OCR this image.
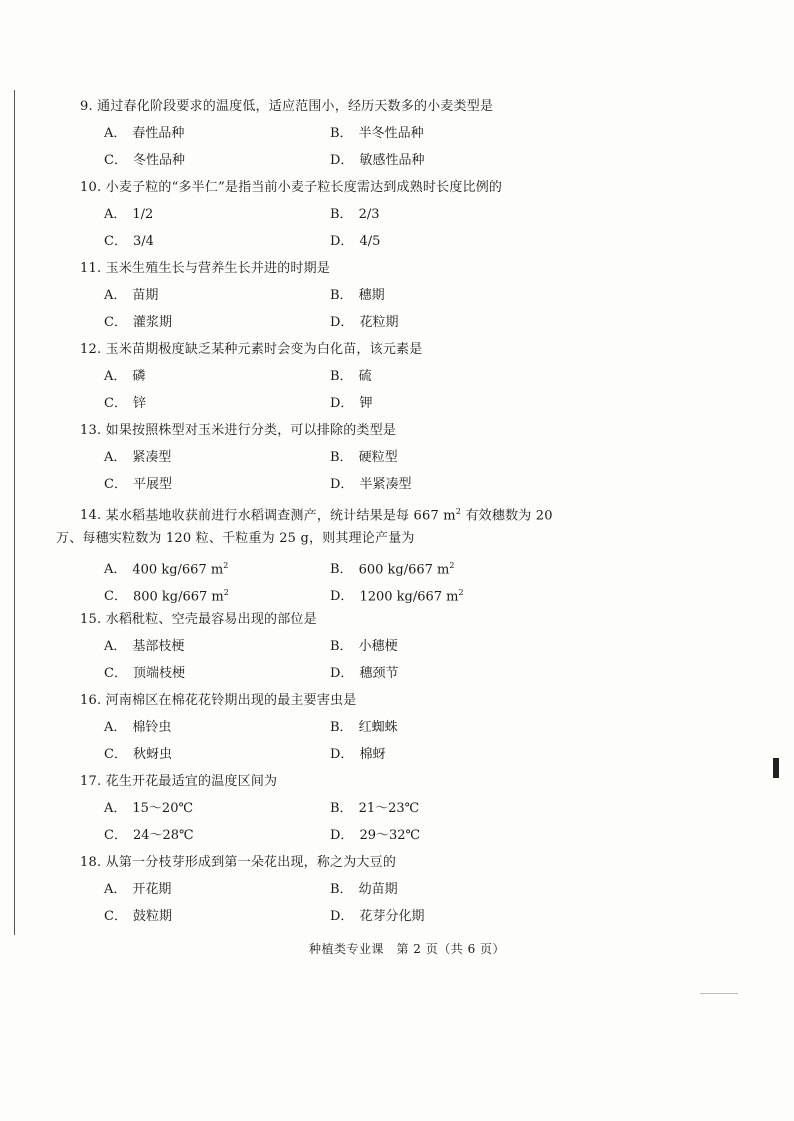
9. 通过春化阶段要求的温度低，适应范围小，经历天数多的小麦类型是
A． 春性品种	B． 半冬性品种
C． 冬性品种	D． 敏感性品种
10. 小麦子粒的“多半仁”是指当前小麦子粒长度需达到成熟时长度比例的
A． 1/2	B． 2/3
C． 3/4	D． 4/5
11. 玉米生殖生长与营养生长并进的时期是
A． 苗期	B． 穗期
C． 灌浆期	D． 花粒期
12. 玉米苗期极度缺乏某种元素时会变为白化苗，该元素是
A． 磷	B． 硫
C． 锌	D． 钾
13. 如果按照株型对玉米进行分类，可以排除的类型是
A． 紧凑型	B． 硬粒型
C． 平展型	D． 半紧凑型
14. 某水稻基地收获前进行水稻调查测产，统计结果是每 667 $m^2$ 有效穗数为 20
万、每穗实粒数为 120 粒、千粒重为 25 g，则其理论产量为
A． 400 kg/667 $m^2$	B． 600 kg/667 $m^2$
C． 800 kg/667 $m^2$	D． 1200 kg/667 $m^2$
15. 水稻秕粒、空壳最容易出现的部位是
A． 基部枝梗	B． 小穗梗
C． 顶端枝梗	D． 穗颈节
16. 河南棉区在棉花花铃期出现的最主要害虫是
A． 棉铃虫	B． 红蜘蛛
C． 秋蚜虫	D． 棉蚜
17. 花生开花最适宜的温度区间为
A． 15～20℃	B． 21～23℃
C． 24～28℃	D． 29～32℃
18. 从第一分枝芽形成到第一朵花出现，称之为大豆的
A． 开花期	B． 幼苗期
C． 鼓粒期	D． 花芽分化期
种植类专业课　第 2 页（共 6 页）
